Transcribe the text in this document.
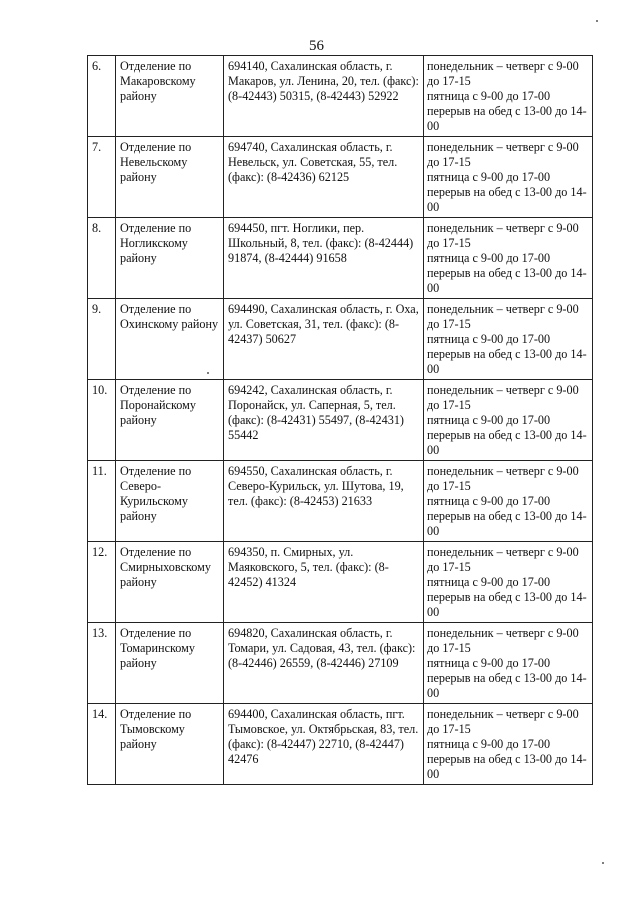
56
6.	Отделение по Макаровскому району	694140, Сахалинская область, г. Макаров, ул. Ленина, 20, тел. (факс): (8-42443) 50315, (8-42443) 52922	понедельник – четверг с 9-00 до 17-15
пятница с 9-00 до 17-00
перерыв на обед с 13-00 до 14-00

7.	Отделение по Невельскому району	694740, Сахалинская область, г. Невельск, ул. Советская, 55, тел. (факс): (8-42436) 62125	понедельник – четверг с 9-00 до 17-15
пятница с 9-00 до 17-00
перерыв на обед с 13-00 до 14-00

8.	Отделение по Ногликскому району	694450, пгт. Ноглики, пер. Школьный, 8, тел. (факс): (8-42444) 91874, (8-42444) 91658	понедельник – четверг с 9-00 до 17-15
пятница с 9-00 до 17-00
перерыв на обед с 13-00 до 14-00

9.	Отделение по Охинскому району	694490, Сахалинская область, г. Оха, ул. Советская, 31, тел. (факс): (8-42437) 50627	понедельник – четверг с 9-00 до 17-15
пятница с 9-00 до 17-00
перерыв на обед с 13-00 до 14-00

10.	Отделение по Поронайскому району	694242, Сахалинская область, г. Поронайск, ул. Саперная, 5, тел. (факс): (8-42431) 55497, (8-42431) 55442	понедельник – четверг с 9-00 до 17-15
пятница с 9-00 до 17-00
перерыв на обед с 13-00 до 14-00

11.	Отделение по Северо-Курильскому району	694550, Сахалинская область, г. Северо-Курильск, ул. Шутова, 19, тел. (факс): (8-42453) 21633	понедельник – четверг с 9-00 до 17-15
пятница с 9-00 до 17-00
перерыв на обед с 13-00 до 14-00

12.	Отделение по Смирныховскому району	694350, п. Смирных, ул. Маяковского, 5, тел. (факс): (8-42452) 41324	понедельник – четверг с 9-00 до 17-15
пятница с 9-00 до 17-00
перерыв на обед с 13-00 до 14-00

13.	Отделение по Томаринскому району	694820, Сахалинская область, г. Томари, ул. Садовая, 43, тел. (факс): (8-42446) 26559, (8-42446) 27109	понедельник – четверг с 9-00 до 17-15
пятница с 9-00 до 17-00
перерыв на обед с 13-00 до 14-00

14.	Отделение по Тымовскому району	694400, Сахалинская область, пгт. Тымовское, ул. Октябрьская, 83, тел. (факс): (8-42447) 22710, (8-42447) 42476	понедельник – четверг с 9-00 до 17-15
пятница с 9-00 до 17-00
перерыв на обед с 13-00 до 14-00
